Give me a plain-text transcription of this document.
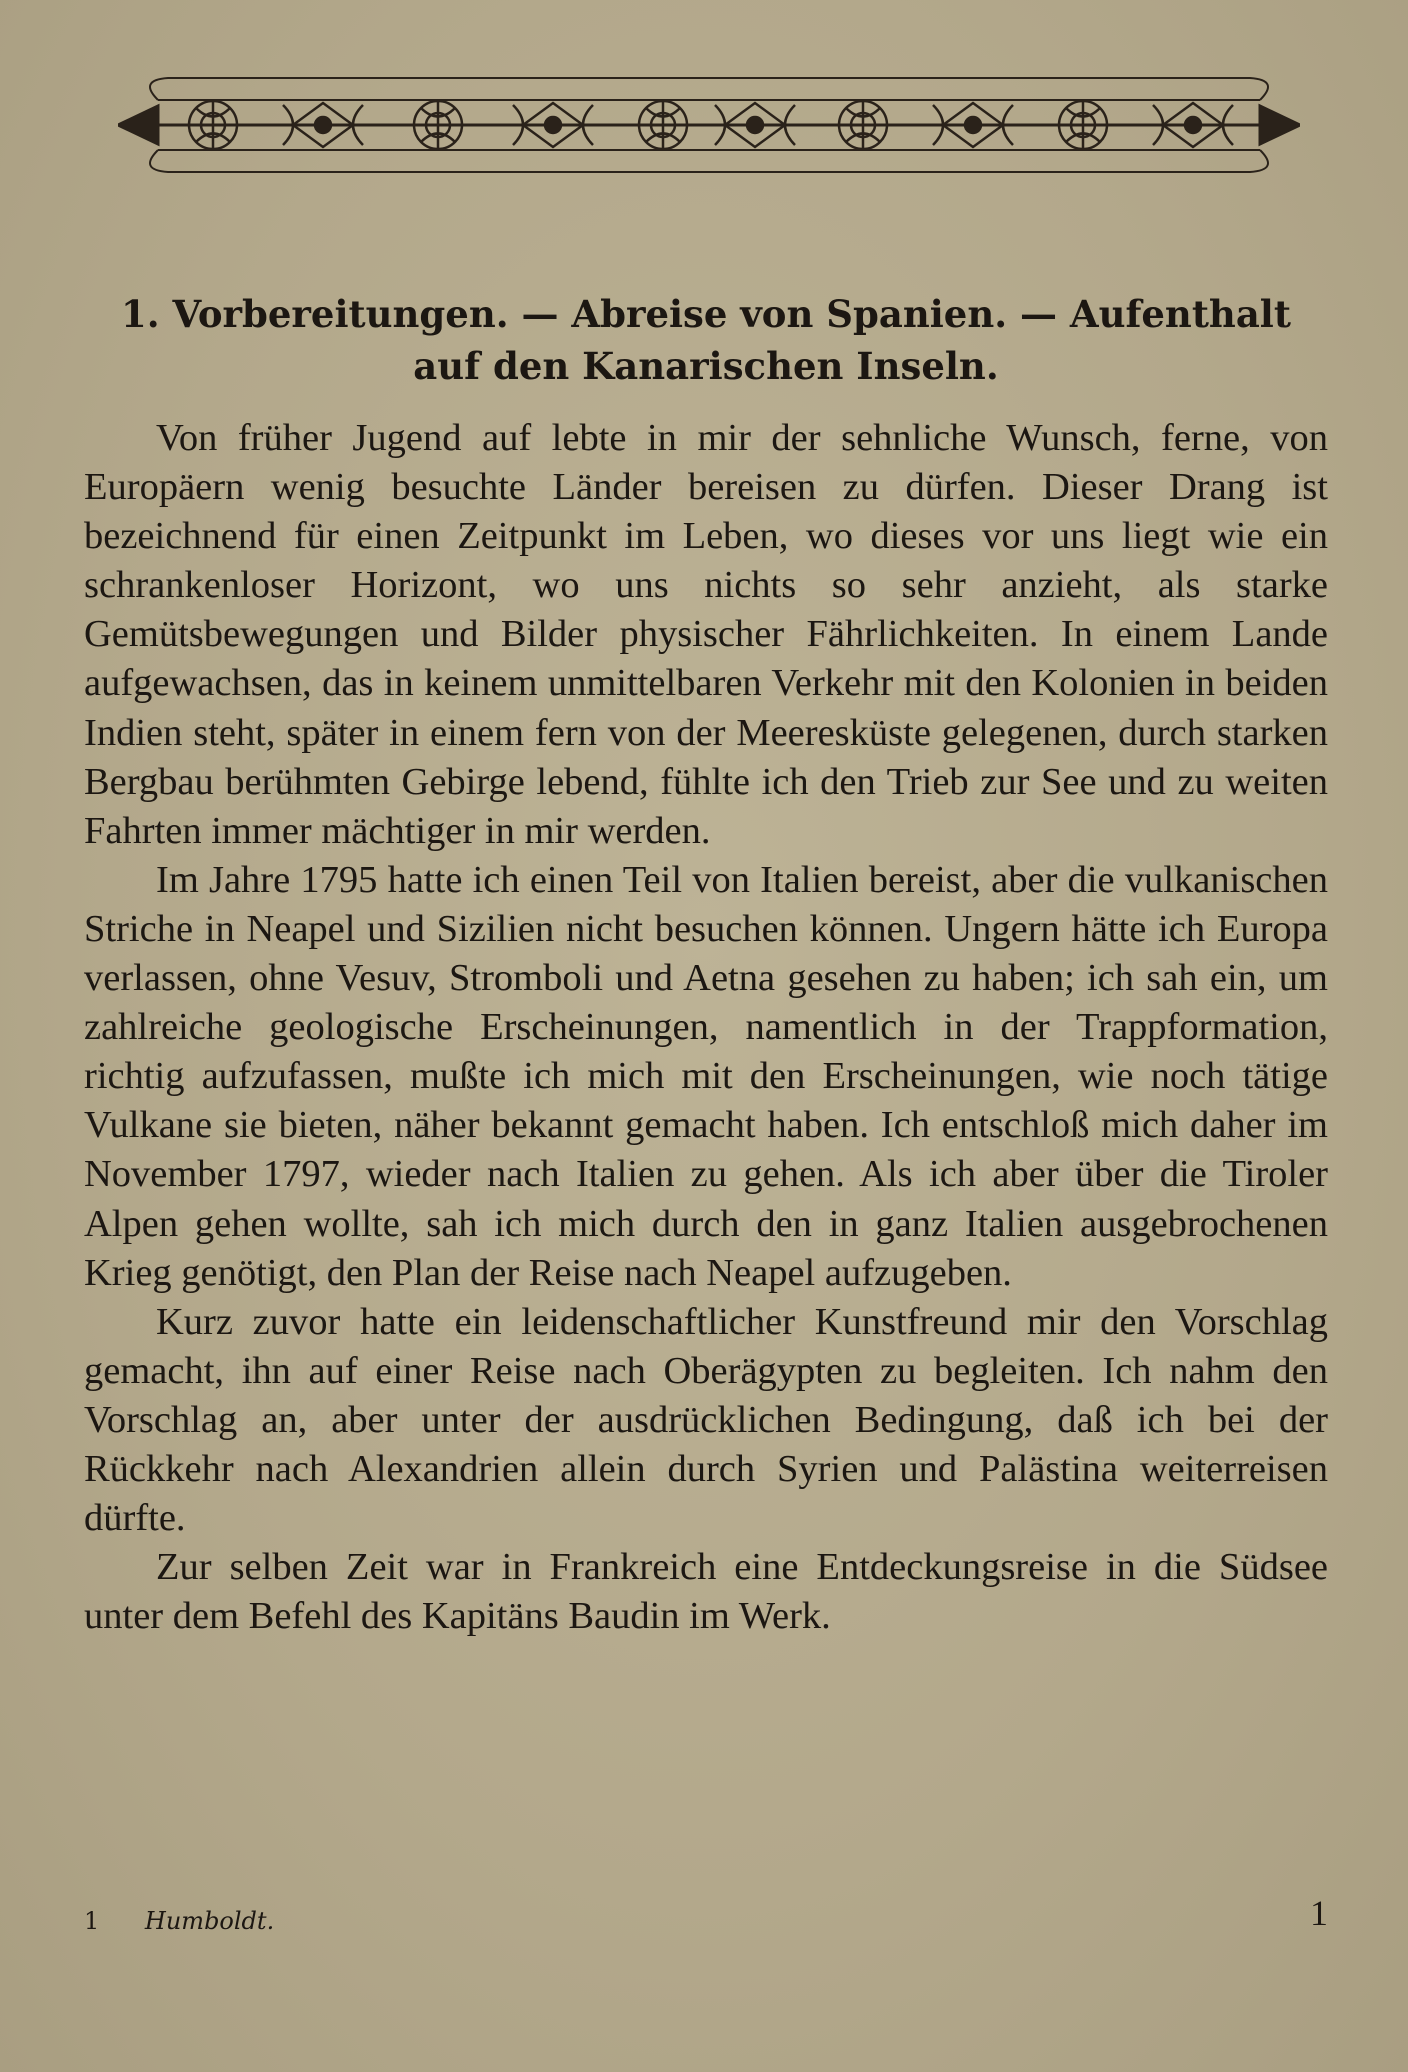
1. Vorbereitungen. — Abreise von Spanien. — Aufenthalt auf den Kanarischen Inseln.

Von früher Jugend auf lebte in mir der sehnliche Wunsch, ferne, von Europäern wenig besuchte Länder bereisen zu dürfen. Dieser Drang ist bezeichnend für einen Zeitpunkt im Leben, wo dieses vor uns liegt wie ein schrankenloser Horizont, wo uns nichts so sehr anzieht, als starke Gemütsbewegungen und Bilder physischer Fährlichkeiten. In einem Lande aufgewachsen, das in keinem unmittelbaren Verkehr mit den Kolonien in beiden Indien steht, später in einem fern von der Meeresküste gelegenen, durch starken Bergbau berühmten Gebirge lebend, fühlte ich den Trieb zur See und zu weiten Fahrten immer mächtiger in mir werden.

Im Jahre 1795 hatte ich einen Teil von Italien bereist, aber die vulkanischen Striche in Neapel und Sizilien nicht besuchen können. Ungern hätte ich Europa verlassen, ohne Vesuv, Stromboli und Aetna gesehen zu haben; ich sah ein, um zahlreiche geologische Erscheinungen, namentlich in der Trappformation, richtig aufzufassen, mußte ich mich mit den Erscheinungen, wie noch tätige Vulkane sie bieten, näher bekannt gemacht haben. Ich entschloß mich daher im November 1797, wieder nach Italien zu gehen. Als ich aber über die Tiroler Alpen gehen wollte, sah ich mich durch den in ganz Italien ausgebrochenen Krieg genötigt, den Plan der Reise nach Neapel aufzugeben.

Kurz zuvor hatte ein leidenschaftlicher Kunstfreund mir den Vorschlag gemacht, ihn auf einer Reise nach Oberägypten zu begleiten. Ich nahm den Vorschlag an, aber unter der ausdrücklichen Bedingung, daß ich bei der Rückkehr nach Alexandrien allein durch Syrien und Palästina weiterreisen dürfte.

Zur selben Zeit war in Frankreich eine Entdeckungsreise in die Südsee unter dem Befehl des Kapitäns Baudin im Werk.

1 Humboldt.	1
